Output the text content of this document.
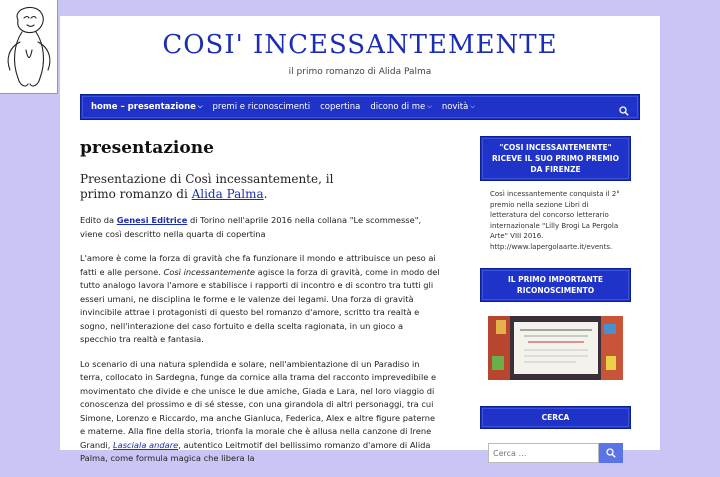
COSI' INCESSANTEMENTE
il primo romanzo di Alida Palma
home – presentazione ⌵ premi e riconoscimenti copertina dicono di me ⌵ novità ⌵
presentazione
Presentazione di Così incessantemente, il primo romanzo di Alida Palma.
Edito da Genesi Editrice di Torino nell'aprile 2016 nella collana "Le scommesse", viene così descritto nella quarta di copertina
L'amore è come la forza di gravità che fa funzionare il mondo e attribuisce un peso ai fatti e alle persone. Così incessantemente agisce la forza di gravità, come in modo del tutto analogo lavora l'amore e stabilisce i rapporti di incontro e di scontro tra tutti gli esseri umani, ne disciplina le forme e le valenze dei legami. Una forza di gravità invincibile attrae i protagonisti di questo bel romanzo d'amore, scritto tra realtà e sogno, nell'interazione del caso fortuito e della scelta ragionata, in un gioco a specchio tra realtà e fantasia.
Lo scenario di una natura splendida e solare, nell'ambientazione di un Paradiso in terra, collocato in Sardegna, funge da cornice alla trama del racconto imprevedibile e movimentato che divide e che unisce le due amiche, Giada e Lara, nel loro viaggio di conoscenza del prossimo e di sé stesse, con una girandola di altri personaggi, tra cui Simone, Lorenzo e Riccardo, ma anche Gianluca, Federica, Alex e altre figure paterne e materne. Alla fine della storia, trionfa la morale che è allusa nella canzone di Irene Grandi, Lasciala andare, autentico Leitmotif del bellissimo romanzo d'amore di Alida Palma, come formula magica che libera la
"COSI INCESSANTEMENTE" RICEVE IL SUO PRIMO PREMIO DA FIRENZE
Così incessantemente conquista il 2° premio nella sezione Libri di letteratura del concorso letterario internazionale "Lilly Brogi La Pergola Arte" VIII 2016. http://www.lapergolaarte.it/events.
IL PRIMO IMPORTANTE RICONOSCIMENTO
CERCA
Cerca …
